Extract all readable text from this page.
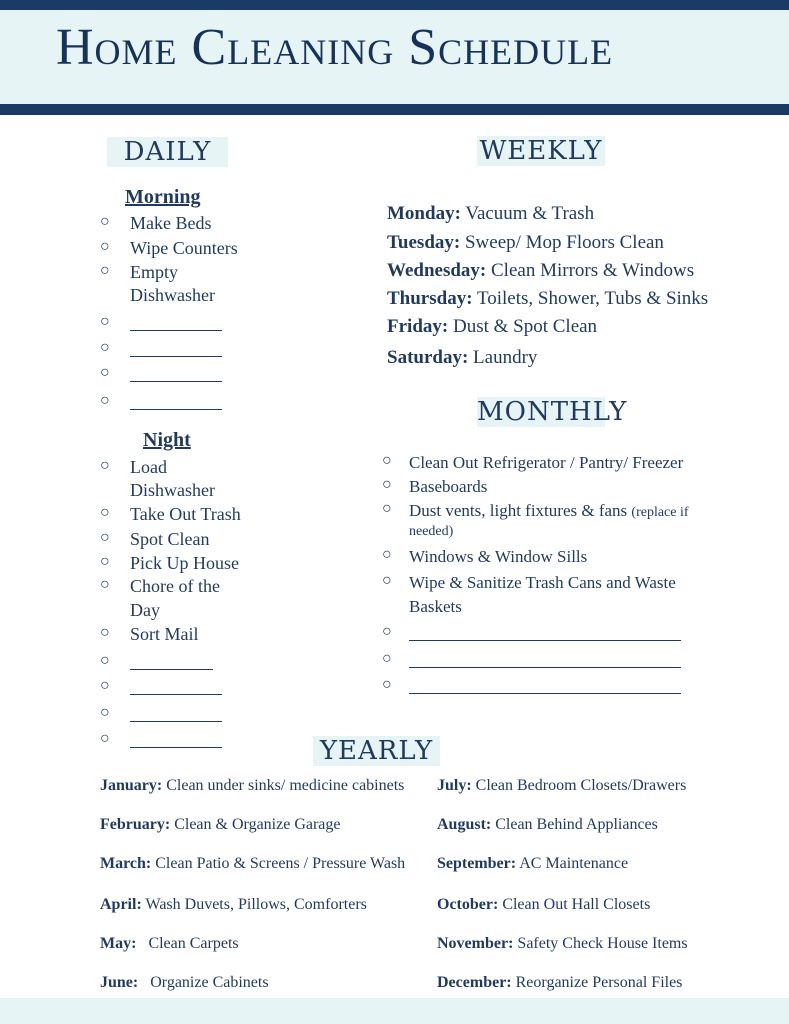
Home Cleaning Schedule
DAILY
Morning
○ Make Beds
○ Wipe Counters
○ Empty
Dishwasher
○
○
○
○
Night
○ Load
Dishwasher
○ Take Out Trash
○ Spot Clean
○ Pick Up House
○ Chore of the
Day
○ Sort Mail
○
○
○
○
WEEKLY
Monday: Vacuum & Trash
Tuesday: Sweep/ Mop Floors Clean
Wednesday: Clean Mirrors & Windows
Thursday: Toilets, Shower, Tubs & Sinks
Friday: Dust & Spot Clean
Saturday: Laundry
MONTHLY
○ Clean Out Refrigerator / Pantry/ Freezer
○ Baseboards
○ Dust vents, light fixtures & fans (replace if
needed)
○ Windows & Window Sills
○ Wipe & Sanitize Trash Cans and Waste
Baskets
○
○
○
YEARLY
January: Clean under sinks/ medicine cabinets
February: Clean & Organize Garage
March: Clean Patio & Screens / Pressure Wash
April: Wash Duvets, Pillows, Comforters
May: Clean Carpets
June: Organize Cabinets
July: Clean Bedroom Closets/Drawers
August: Clean Behind Appliances
September: AC Maintenance
October: Clean Out Hall Closets
November: Safety Check House Items
December: Reorganize Personal Files
